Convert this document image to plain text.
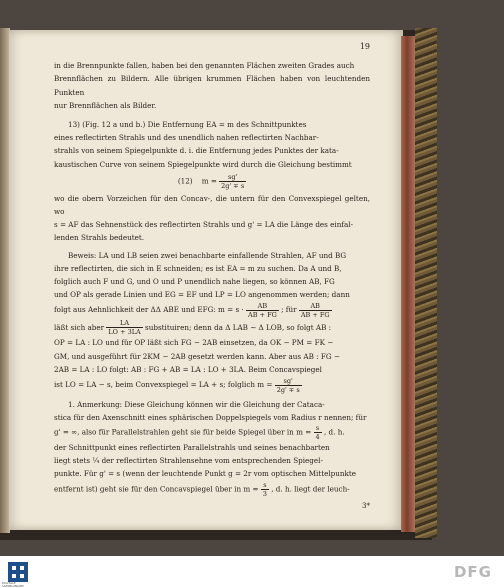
19

in die Brennpunkte fallen, haben bei den genannten Flächen zweiten Grades auch

Brennflächen zu Bildern. Alle übrigen krummen Flächen haben von leuchtenden Punkten

nur Brennflächen als Bilder.

13) (Fig. 12 a und b.) Die Entfernung EA = m des Schnittpunktes

eines reflectirten Strahls und des unendlich nahen reflectirten Nachbar-

strahls von seinem Spiegelpunkte d. i. die Entfernung jedes Punktes der kata-

kaustischen Curve von seinem Spiegelpunkte wird durch die Gleichung bestimmt

(12) $m = \frac{sg'}{2g' \mp s}$

wo die obern Vorzeichen für den Concav-, die untern für den Convexspiegel gelten, wo

s = AF das Sehnenstück des reflectirten Strahls und g' = LA die Länge des einfal-

lenden Strahls bedeutet.

Beweis: LA und LB seien zwei benachbarte einfallende Strahlen, AF und BG

ihre reflectirten, die sich in E schneiden; es ist EA = m zu suchen. Da A und B,

folglich auch F und G, und O und P unendlich nahe liegen, so können AB, FG

und OP als gerade Linien und EG = EF und LP = LO angenommen werden; dann

folgt aus Aehnlichkeit der ΔΔ ABE und EFG: $m = s \cdot \frac{AB}{AB + FG}$ ; für $\frac{AB}{AB + FG}$

läßt sich aber $\frac{LA}{LO + 3LA}$ substituiren; denn da Δ LAB ∼ Δ LOB, so folgt AB :

OP = LA : LO und für OP läßt sich FG − 2AB einsetzen, da OK − PM = FK −

GM, und ausgeführt für 2KM − 2AB gesetzt werden kann. Aber aus AB : FG −

2AB = LA : LO folgt: AB : FG + AB = LA : LO + 3LA. Beim Concavspiegel

ist LO = LA − s, beim Convexspiegel = LA + s; folglich $m = \frac{sg'}{2g' \mp s}$

1. Anmerkung: Diese Gleichung können wir die Gleichung der Cataca-

stica für den Axenschnitt eines sphärischen Doppelspiegels vom Radius r nennen; für

g' = ∞, also für Parallelstrahlen geht sie für beide Spiegel über in $m = \frac{s}{4}$ , d. h.

der Schnittpunkt eines reflectirten Parallelstrahls und seines benachbarten

liegt stets ¼ der reflectirten Strahlensehne vom entsprechenden Spiegel-

punkte. Für g' = s (wenn der leuchtende Punkt g = 2r vom optischen Mittelpunkte

entfernt ist) geht sie für den Concavspiegel über in $m = \frac{s}{3}$ , d. h. liegt der leuch-

3*
DIGITALE SAMMLUNGEN
DFG
